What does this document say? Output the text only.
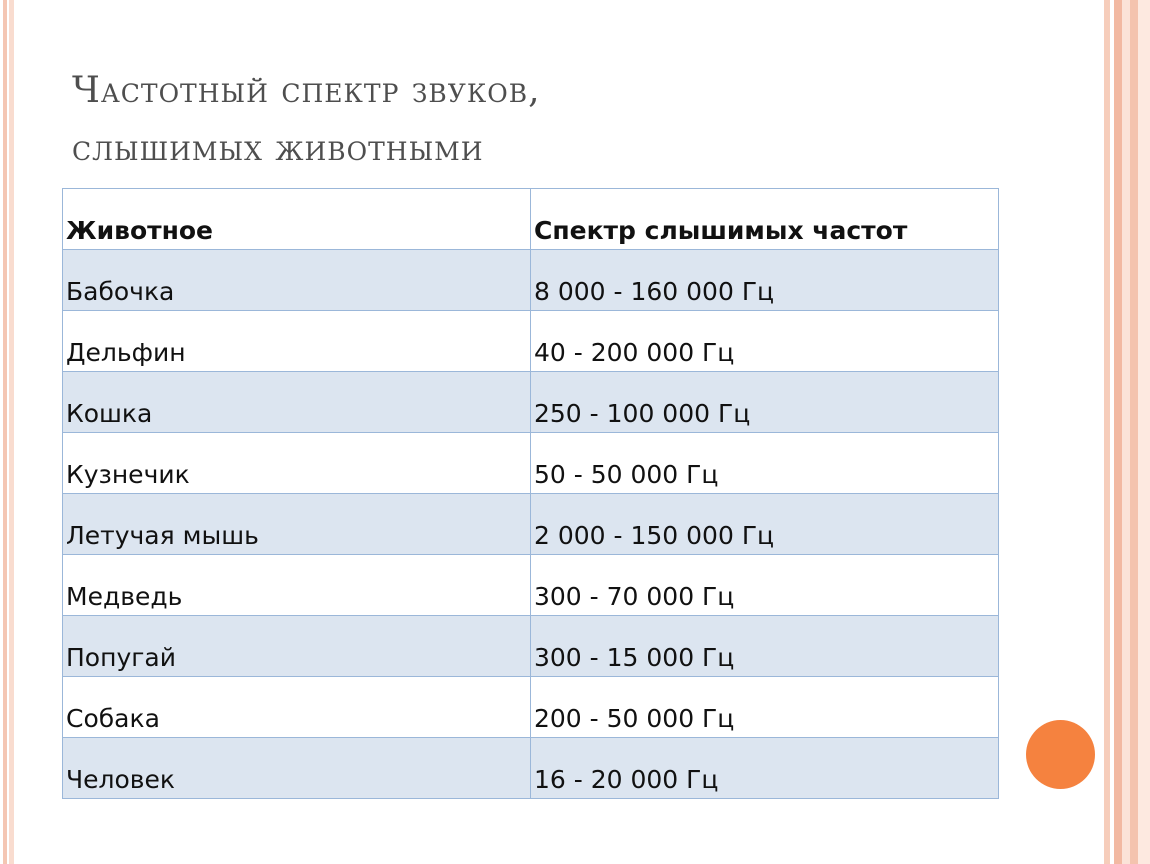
Частотный спектр звуков,
слышимых животными
Животное	Спектр слышимых частот
Бабочка	8 000 - 160 000 Гц
Дельфин	40 - 200 000 Гц
Кошка	250 - 100 000 Гц
Кузнечик	50 - 50 000 Гц
Летучая мышь	2 000 - 150 000 Гц
Медведь	300 - 70 000 Гц
Попугай	300 - 15 000 Гц
Собака	200 - 50 000 Гц
Человек	16 - 20 000 Гц
